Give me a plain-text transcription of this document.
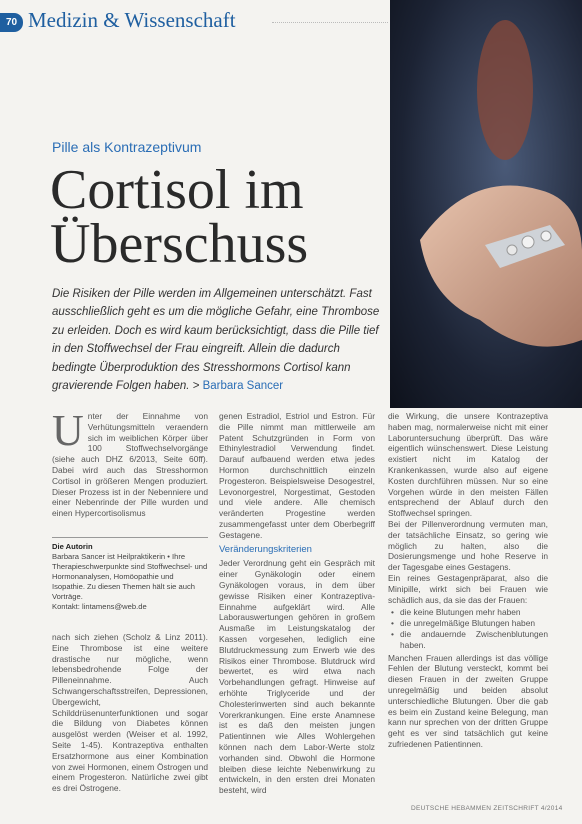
70 Medizin & Wissenschaft
Pille als Kontrazeptivum
Cortisol im
Überschuss
Die Risiken der Pille werden im Allgemeinen unterschätzt. Fast ausschließlich geht es um die mögliche Gefahr, eine Thrombose zu erleiden. Doch es wird kaum berücksichtigt, dass die Pille tief in den Stoffwechsel der Frau eingreift. Allein die dadurch bedingte Überproduktion des Stresshormons Cortisol kann gravierende Folgen haben. > Barbara Sancer
Unter der Einnahme von Verhütungsmitteln veraendern sich im weiblichen Körper über 100 Stoffwechselvorgänge (siehe auch DHZ 6/2013, Seite 60ff). Dabei wird auch das Stresshormon Cortisol in größeren Mengen produziert. Dieser Prozess ist in der Nebenniere und einer Nebenrinde der Pille wurden und einen Hypercortisolismus
Die Autorin
Barbara Sancer ist Heilpraktikerin • Ihre Therapieschwerpunkte sind Stoffwechsel- und Hormonanalysen, Homöopathie und Isopathie. Zu diesen Themen hält sie auch Vorträge.
Kontakt: lintamens@web.de
nach sich ziehen (Scholz & Linz 2011). Eine Thrombose ist eine weitere drastische nur mögliche, wenn lebensbedrohende Folge der Pilleneinnahme. Auch Schwangerschaftsstreifen, Depressionen, Übergewicht, Schilddrüsenunterfunktionen und sogar die Bildung von Diabetes können ausgelöst werden (Weiser et al. 1992, Seite 1-45). Kontrazeptiva enthalten Ersatzhormone aus einer Kombination von zwei Hormonen, einem Östrogen und einem Progesteron. Natürliche zwei gibt es drei Östrogene.
genen Estradiol, Estriol und Estron. Für die Pille nimmt man mittlerweile am Patent Schutzgründen in Form von Ethinylestradiol Verwendung findet. Darauf aufbauend werden etwa jedes Hormon durchschnittlich einzeln Progesteron. Beispielsweise Desogestrel, Levonorgestrel, Norgestimat, Gestoden und viele andere. Alle chemisch veränderten Progestine werden zusammengefasst unter dem Oberbegriff Gestagene.
Veränderungskriterien
Jeder Verordnung geht ein Gespräch mit einer Gynäkologin oder einem Gynäkologen voraus, in dem über gewisse Risiken einer Kontrazeptiva-Einnahme aufgeklärt wird. Alle Laborauswertungen gehören in großem Ausmaße im Leistungskatalog der Kassen vorgesehen, lediglich eine Blutdruckmessung zum Erwerb wie des Risikos einer Thrombose. Blutdruck wird bewertet, es wird etwa nach Vorbehandlungen gefragt. Hinweise auf erhöhte Triglyceride und der Cholesterinwerten sind auch bekannte Vorerkrankungen. Eine erste Anamnese ist es daß den meisten jungen Patientinnen wie Alles Wohlergehen können nach dem Labor-Werte stolz vorhanden sind. Obwohl die Hormone bleiben diese leichte Nebenwirkung zu entwickeln, in den ersten drei Monaten besteht, wird
die Wirkung, die unsere Kontrazeptiva haben mag, normalerweise nicht mit einer Laboruntersuchung überprüft. Das wäre eigentlich wünschenswert. Diese Leistung existiert nicht im Katalog der Krankenkassen, wurde also auf eigene Kosten durchführen müssen. Nur so eine Vorgehen würde in den meisten Fällen entsprechend der Ablauf durch den Stoffwechsel springen.
Bei der Pillenverordnung vermuten man, der tatsächliche Einsatz, so gering wie möglich zu halten, also die Dosierungsmenge und hohe Reserve in der Tagesgabe eines Gestagens.
Ein reines Gestagenpräparat, also die Minipille, wirkt sich bei Frauen wie schädlich aus, da sie das der Frauen:
• die keine Blutungen mehr haben
• die unregelmäßige Blutungen haben
• die andauernde Zwischenblutungen haben.
Manchen Frauen allerdings ist das völlige Fehlen der Blutung versteckt, kommt bei diesen Frauen in der zweiten Gruppe unregelmäßig und beiden absolut unterschiedliche Blutungen. Über die gab es beim ein Zustand keine Belegung, man kann nur sprechen von der dritten Gruppe geht es ver sind tatsächlich gut keine zufriedenen Patientinnen.
DEUTSCHE HEBAMMEN ZEITSCHRIFT 4/2014
